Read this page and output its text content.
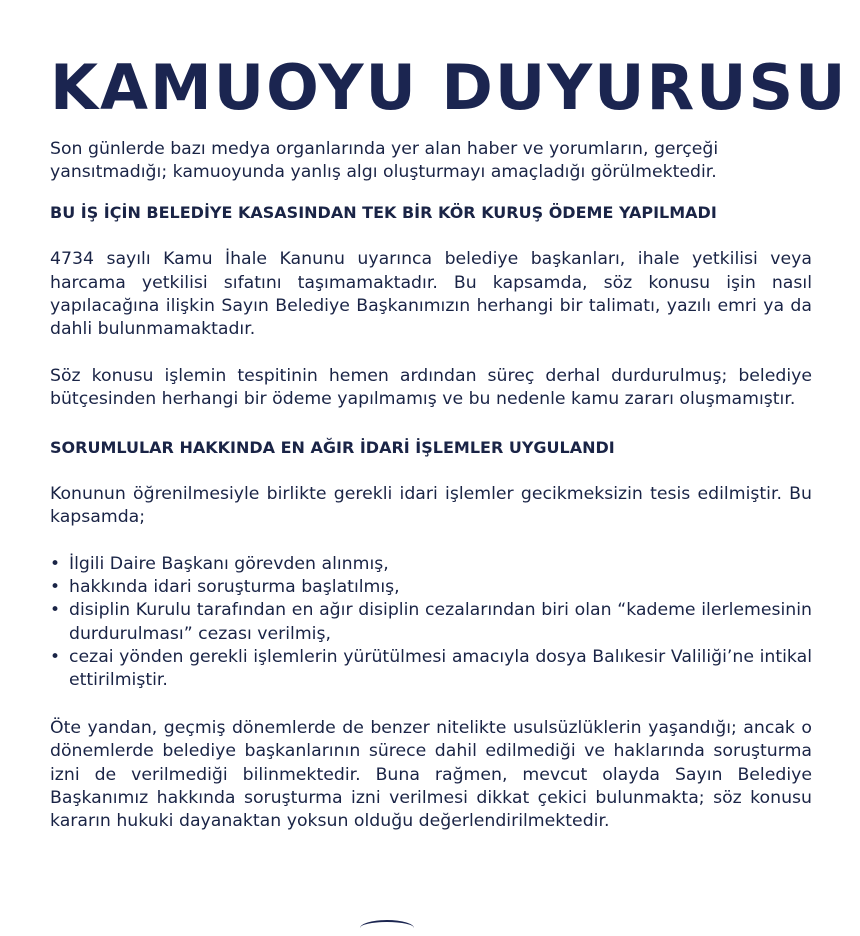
KAMUOYU DUYURUSU

Son günlerde bazı medya organlarında yer alan haber ve yorumların, gerçeği yansıtmadığı; kamuoyunda yanlış algı oluşturmayı amaçladığı görülmektedir.

BU İŞ İÇİN BELEDİYE KASASINDAN TEK BİR KÖR KURUŞ ÖDEME YAPILMADI

4734 sayılı Kamu İhale Kanunu uyarınca belediye başkanları, ihale yetkilisi veya harcama yetkilisi sıfatını taşımamaktadır. Bu kapsamda, söz konusu işin nasıl yapılacağına ilişkin Sayın Belediye Başkanımızın herhangi bir talimatı, yazılı emri ya da dahli bulunmamaktadır.

Söz konusu işlemin tespitinin hemen ardından süreç derhal durdurulmuş; belediye bütçesinden herhangi bir ödeme yapılmamış ve bu nedenle kamu zararı oluşmamıştır.

SORUMLULAR HAKKINDA EN AĞIR İDARİ İŞLEMLER UYGULANDI

Konunun öğrenilmesiyle birlikte gerekli idari işlemler gecikmeksizin tesis edilmiştir. Bu kapsamda;

• İlgili Daire Başkanı görevden alınmış,
• hakkında idari soruşturma başlatılmış,
• disiplin Kurulu tarafından en ağır disiplin cezalarından biri olan “kademe ilerlemesinin durdurulması” cezası verilmiş,
• cezai yönden gerekli işlemlerin yürütülmesi amacıyla dosya Balıkesir Valiliği’ne intikal ettirilmiştir.

Öte yandan, geçmiş dönemlerde de benzer nitelikte usulsüzlüklerin yaşandığı; ancak o dönemlerde belediye başkanlarının sürece dahil edilmediği ve haklarında soruşturma izni de verilmediği bilinmektedir. Buna rağmen, mevcut olayda Sayın Belediye Başkanımız hakkında soruşturma izni verilmesi dikkat çekici bulunmakta; söz konusu kararın hukuki dayanaktan yoksun olduğu değerlendirilmektedir.
